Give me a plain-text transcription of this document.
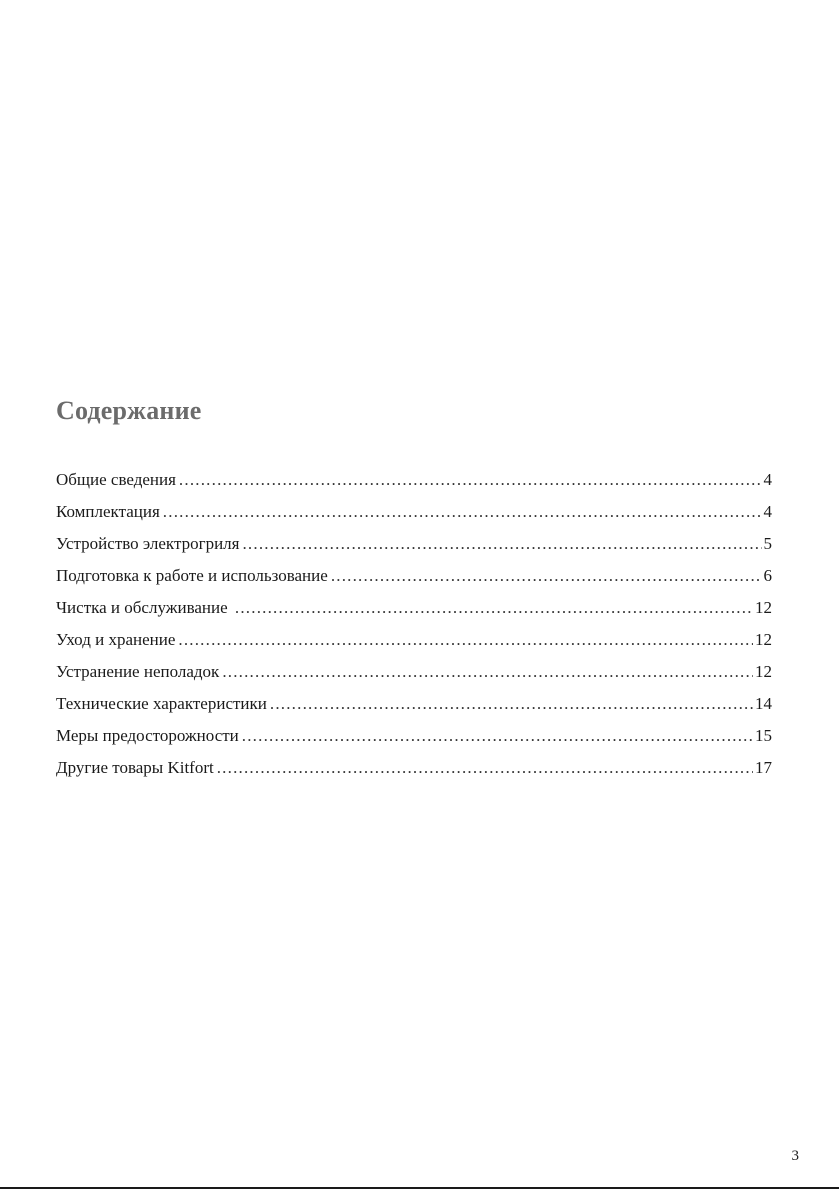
Содержание
Общие сведения .....	4
Комплектация .....	4
Устройство электрогриля .....	5
Подготовка к работе и использование .....	6
Чистка и обслуживание .....	12
Уход и хранение .....	12
Устранение неполадок .....	12
Технические характеристики .....	14
Меры предосторожности .....	15
Другие товары Kitfort .....	17
3
